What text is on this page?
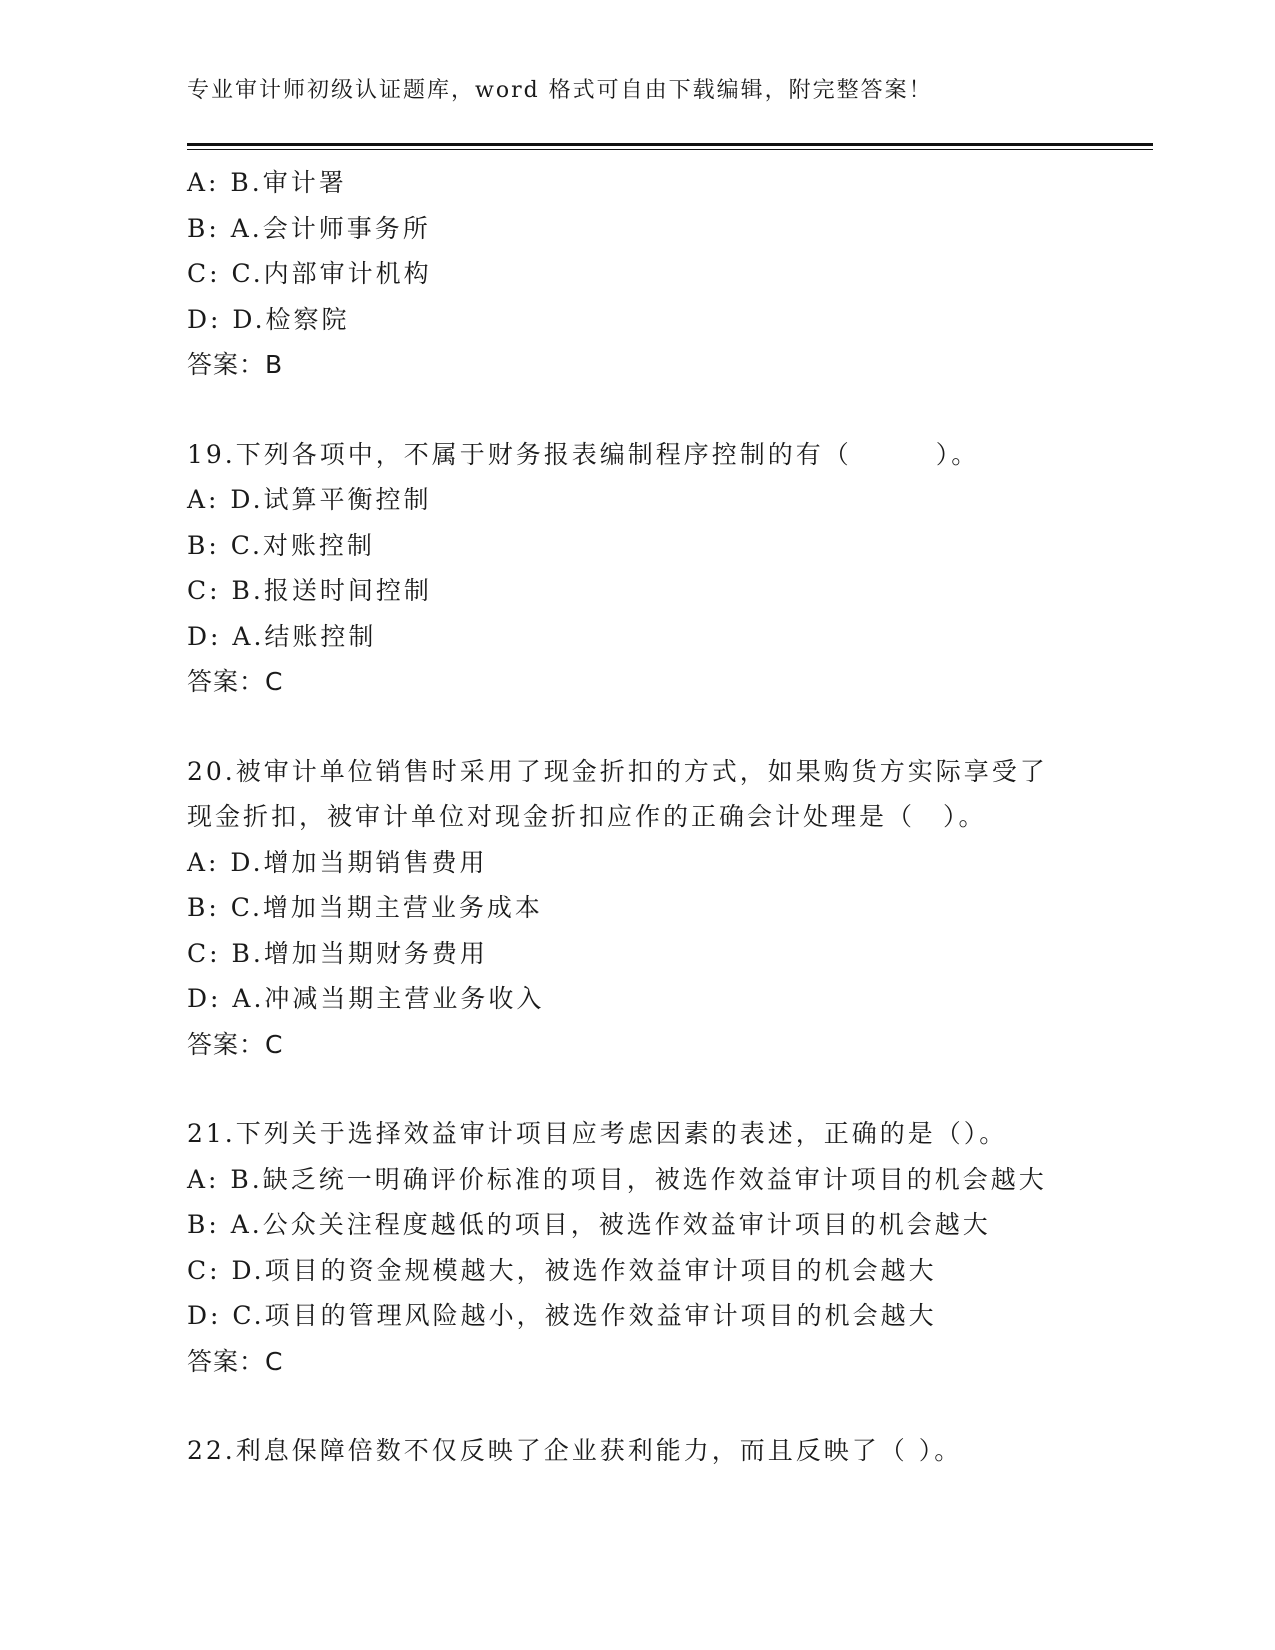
专业审计师初级认证题库，word 格式可自由下载编辑，附完整答案！
A: B.审计署
B: A.会计师事务所
C: C.内部审计机构
D: D.检察院
答案：B
19.下列各项中，不属于财务报表编制程序控制的有（　　　）。
A: D.试算平衡控制
B: C.对账控制
C: B.报送时间控制
D: A.结账控制
答案：C
20.被审计单位销售时采用了现金折扣的方式，如果购货方实际享受了
现金折扣，被审计单位对现金折扣应作的正确会计处理是（　）。
A: D.增加当期销售费用
B: C.增加当期主营业务成本
C: B.增加当期财务费用
D: A.冲减当期主营业务收入
答案：C
21.下列关于选择效益审计项目应考虑因素的表述，正确的是（）。
A: B.缺乏统一明确评价标准的项目，被选作效益审计项目的机会越大
B: A.公众关注程度越低的项目，被选作效益审计项目的机会越大
C: D.项目的资金规模越大，被选作效益审计项目的机会越大
D: C.项目的管理风险越小，被选作效益审计项目的机会越大
答案：C
22.利息保障倍数不仅反映了企业获利能力，而且反映了（ ）。
